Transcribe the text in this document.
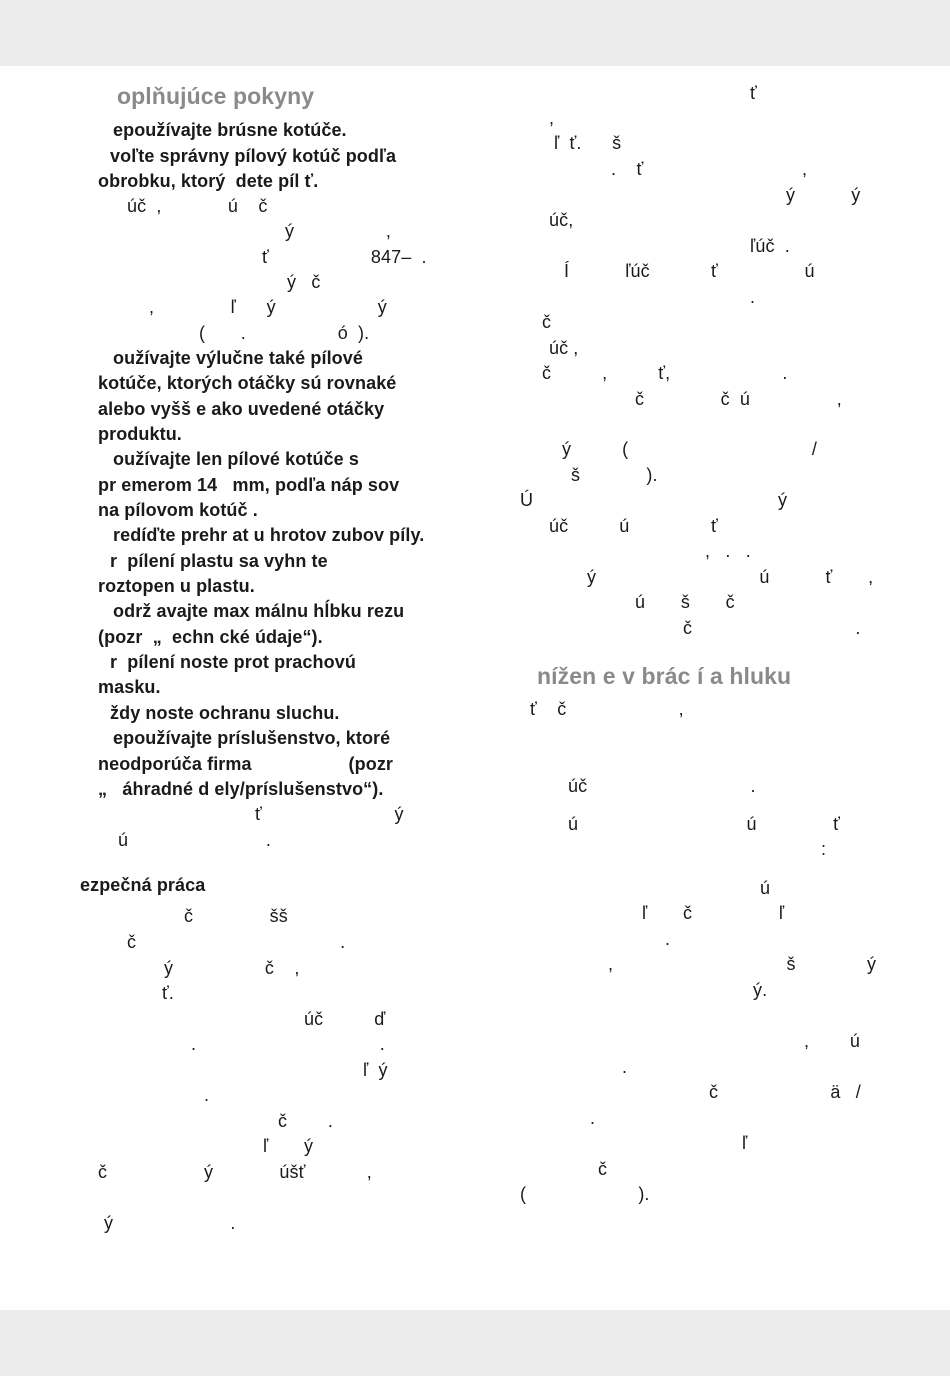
oplňujúce pokyny
epoužívajte brúsne kotúče.
voľte správny pílový kotúč podľa
obrobku, ktorý  dete píl ť.
úč  ,             ú    č
ý                  ,
ť                    847–  .
ý   č
,               ľ      ý                    ý
(       .                  ó  ).
oužívajte výlučne také pílové
kotúče, ktorých otáčky sú rovnaké
alebo vyšš e ako uvedené otáčky
produktu.
oužívajte len pílové kotúče s
pr emerom 14   mm, podľa náp sov
na pílovom kotúč .
redíďte prehr at u hrotov zubov píly.
r  pílení plastu sa vyhn te
roztopen u plastu.
održ avajte max málnu hĺbku rezu
(pozr  „  echn cké údaje“).
r  pílení noste prot prachovú
masku.
ždy noste ochranu sluchu.
epoužívajte príslušenstvo, ktoré
neodporúča firma                   (pozr
„   áhradné d ely/príslušenstvo“).
ť                          ý
ú                           .
ezpečná práca
č               šš
č                                        .
ý                  č    ,
ť.
úč          ď
.                                    .
ľ  ý
.
č        .
ľ       ý
č                   ý             úšť            ,
ý                       .
ť
,
ľ  ť.      š
.    ť	,
ý           ý
úč,
ľúč  .
Í           ľúč            ť                 ú
.
č
úč ,
č          ,          ť,                      .
č               č  ú                 ,
ý          (                                    /
š             ).
Ú                                                ý
úč          ú                ť
,   .   .
ý                                ú           ť       ,
ú       š       č
č                                .
nížen e v brác í a hluku
ť    č                      ,
úč                                .
ú                                 ú               ť
:
ú
ľ       č                 ľ
.
,                                  š              ý
ý.
,        ú
.
č                      ä   /
.
ľ
č
(                      ).
